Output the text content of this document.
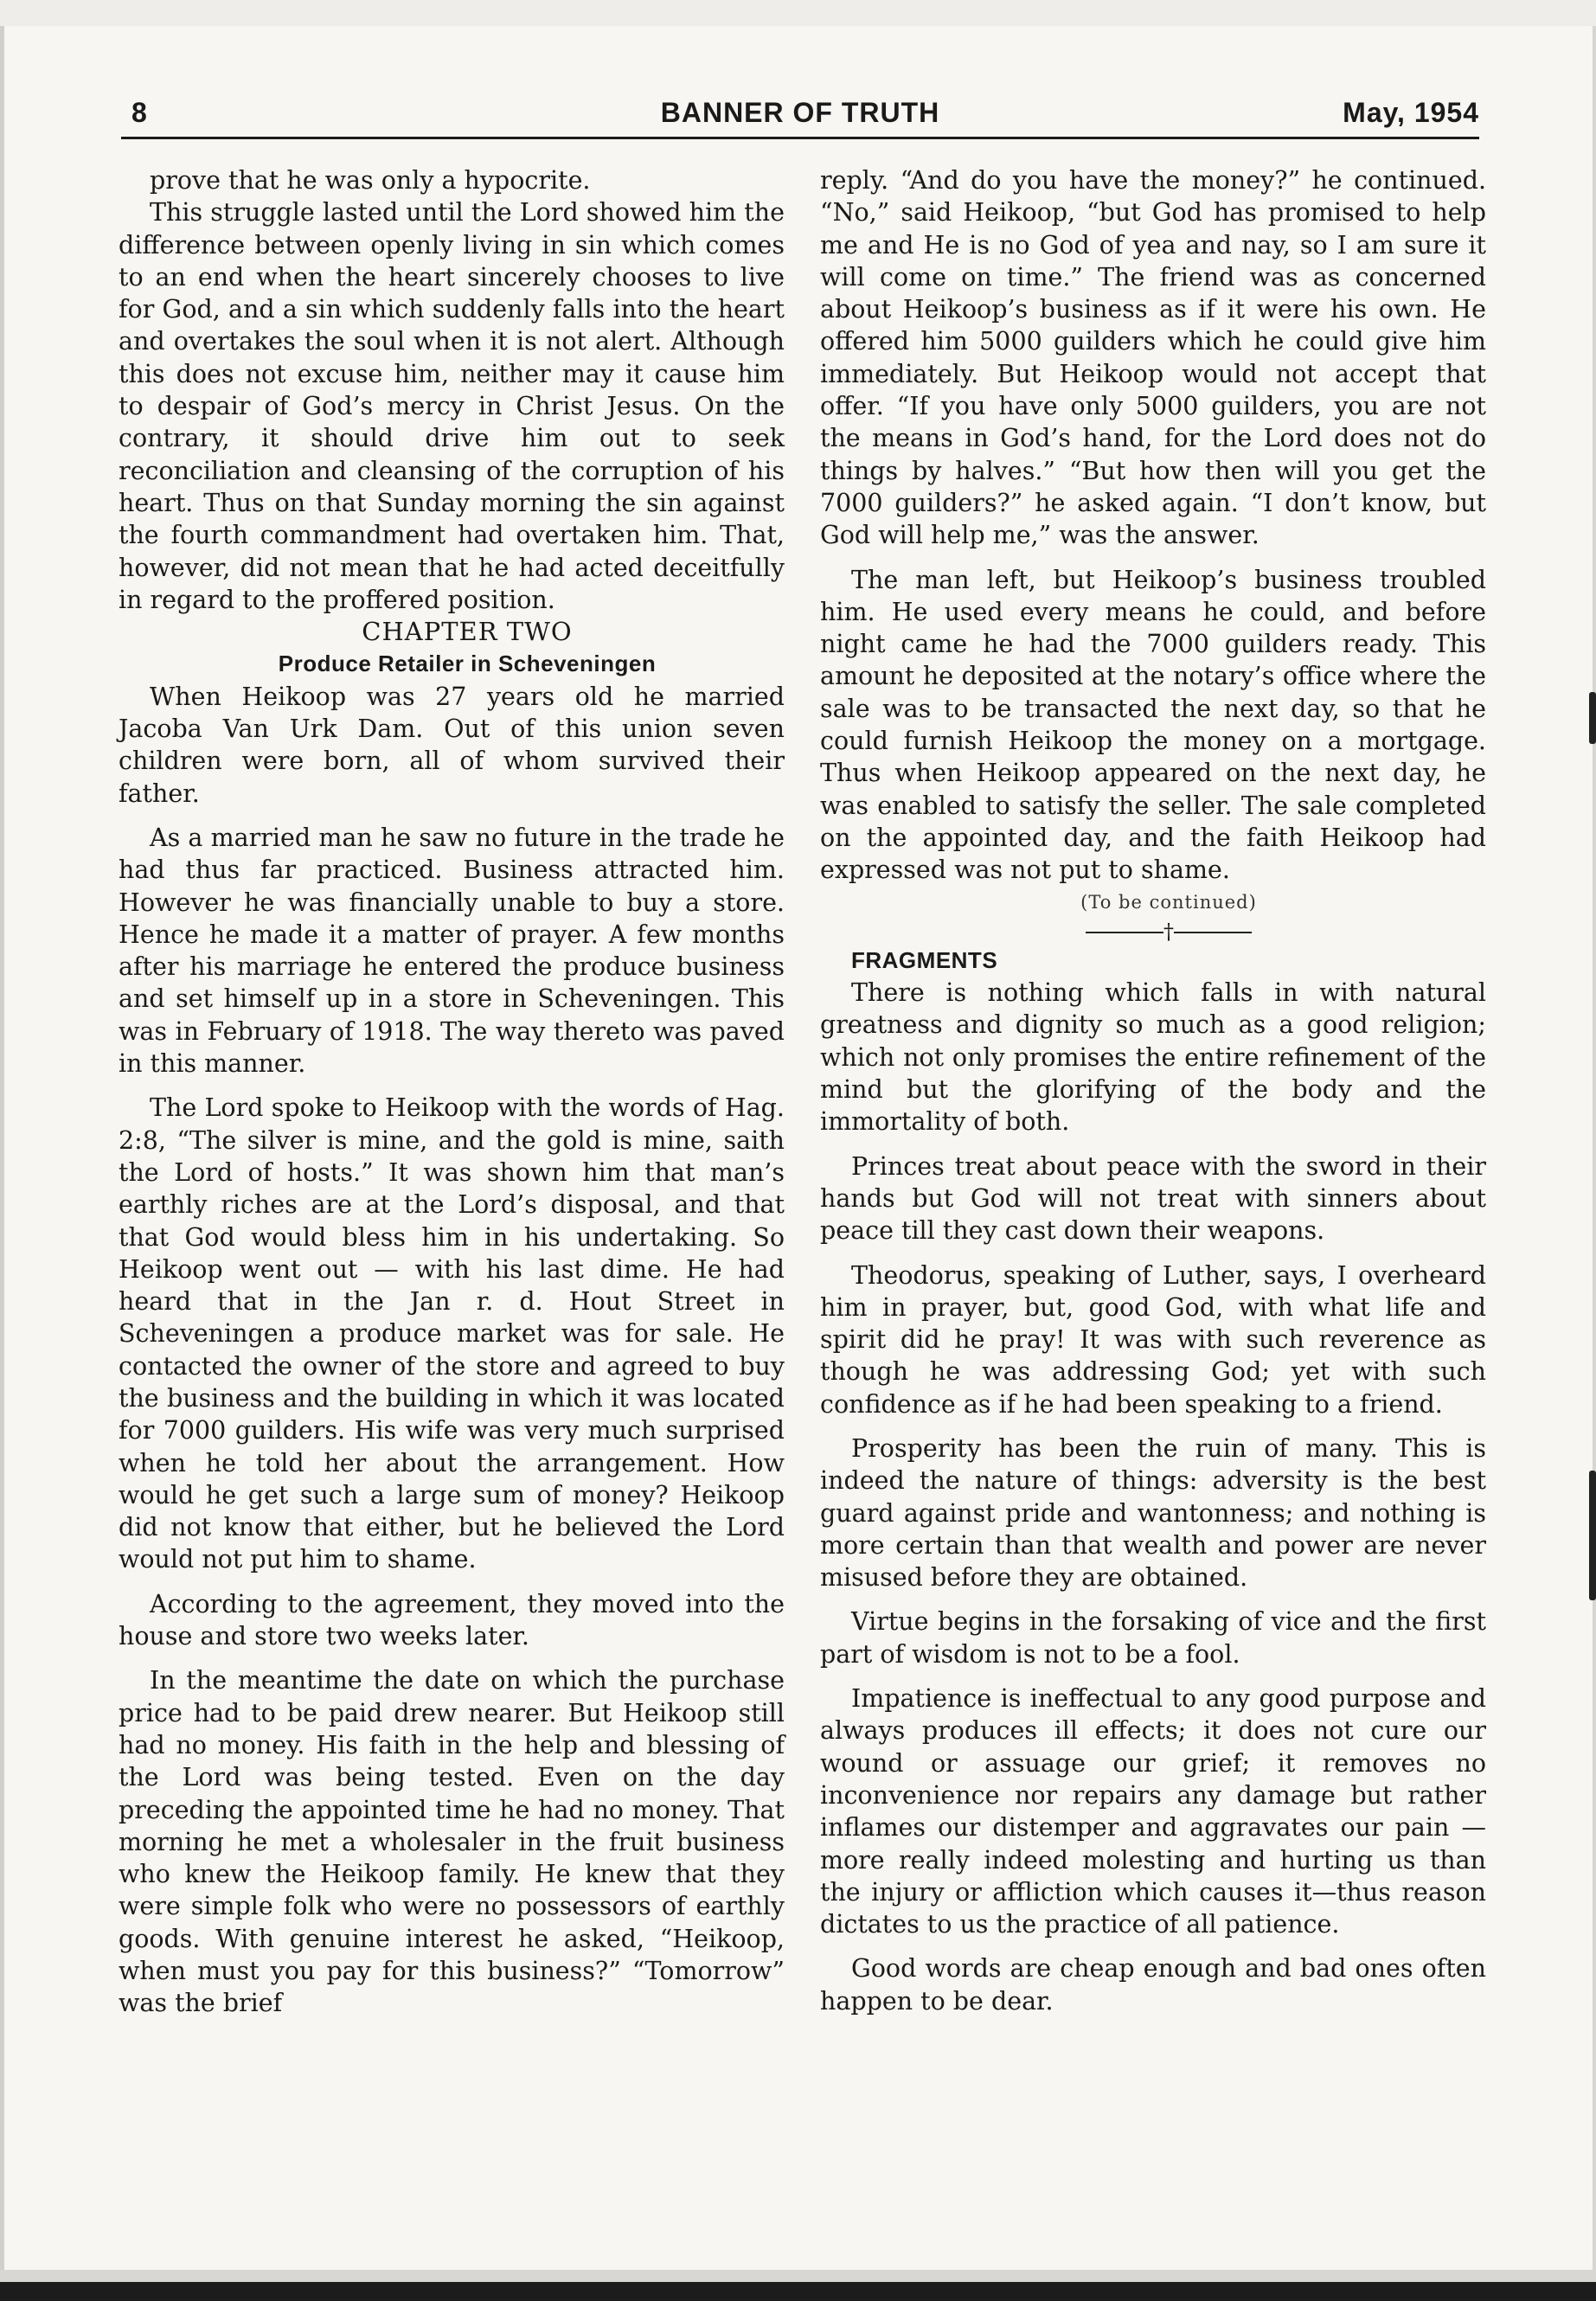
8	BANNER OF TRUTH	May, 1954

prove that he was only a hypocrite.

This struggle lasted until the Lord showed him the difference between openly living in sin which comes to an end when the heart sincerely chooses to live for God, and a sin which suddenly falls into the heart and overtakes the soul when it is not alert. Although this does not excuse him, neither may it cause him to despair of God’s mercy in Christ Jesus. On the contrary, it should drive him out to seek reconciliation and cleansing of the corruption of his heart. Thus on that Sunday morning the sin against the fourth commandment had overtaken him. That, however, did not mean that he had acted deceitfully in regard to the proffered position.

CHAPTER TWO

Produce Retailer in Scheveningen

When Heikoop was 27 years old he married Jacoba Van Urk Dam. Out of this union seven children were born, all of whom survived their father.

As a married man he saw no future in the trade he had thus far practiced. Business attracted him. However he was financially unable to buy a store. Hence he made it a matter of prayer. A few months after his marriage he entered the produce business and set himself up in a store in Scheveningen. This was in February of 1918. The way thereto was paved in this manner.

The Lord spoke to Heikoop with the words of Hag. 2:8, “The silver is mine, and the gold is mine, saith the Lord of hosts.” It was shown him that man’s earthly riches are at the Lord’s disposal, and that that God would bless him in his undertaking. So Heikoop went out — with his last dime. He had heard that in the Jan r. d. Hout Street in Scheveningen a produce market was for sale. He contacted the owner of the store and agreed to buy the business and the building in which it was located for 7000 guilders. His wife was very much surprised when he told her about the arrangement. How would he get such a large sum of money? Heikoop did not know that either, but he believed the Lord would not put him to shame.

According to the agreement, they moved into the house and store two weeks later.

In the meantime the date on which the purchase price had to be paid drew nearer. But Heikoop still had no money. His faith in the help and blessing of the Lord was being tested. Even on the day preceding the appointed time he had no money. That morning he met a wholesaler in the fruit business who knew the Heikoop family. He knew that they were simple folk who were no possessors of earthly goods. With genuine interest he asked, “Heikoop, when must you pay for this business?” “Tomorrow” was the brief

reply. “And do you have the money?” he continued. “No,” said Heikoop, “but God has promised to help me and He is no God of yea and nay, so I am sure it will come on time.” The friend was as concerned about Heikoop’s business as if it were his own. He offered him 5000 guilders which he could give him immediately. But Heikoop would not accept that offer. “If you have only 5000 guilders, you are not the means in God’s hand, for the Lord does not do things by halves.” “But how then will you get the 7000 guilders?” he asked again. “I don’t know, but God will help me,” was the answer.

The man left, but Heikoop’s business troubled him. He used every means he could, and before night came he had the 7000 guilders ready. This amount he deposited at the notary’s office where the sale was to be transacted the next day, so that he could furnish Heikoop the money on a mortgage. Thus when Heikoop appeared on the next day, he was enabled to satisfy the seller. The sale completed on the appointed day, and the faith Heikoop had expressed was not put to shame.

(To be continued)

†

FRAGMENTS

There is nothing which falls in with natural greatness and dignity so much as a good religion; which not only promises the entire refinement of the mind but the glorifying of the body and the immortality of both.

Princes treat about peace with the sword in their hands but God will not treat with sinners about peace till they cast down their weapons.

Theodorus, speaking of Luther, says, I overheard him in prayer, but, good God, with what life and spirit did he pray! It was with such reverence as though he was addressing God; yet with such confidence as if he had been speaking to a friend.

Prosperity has been the ruin of many. This is indeed the nature of things: adversity is the best guard against pride and wantonness; and nothing is more certain than that wealth and power are never misused before they are obtained.

Virtue begins in the forsaking of vice and the first part of wisdom is not to be a fool.

Impatience is ineffectual to any good purpose and always produces ill effects; it does not cure our wound or assuage our grief; it removes no inconvenience nor repairs any damage but rather inflames our distemper and aggravates our pain —more really indeed molesting and hurting us than the injury or affliction which causes it—thus reason dictates to us the practice of all patience.

Good words are cheap enough and bad ones often happen to be dear.
